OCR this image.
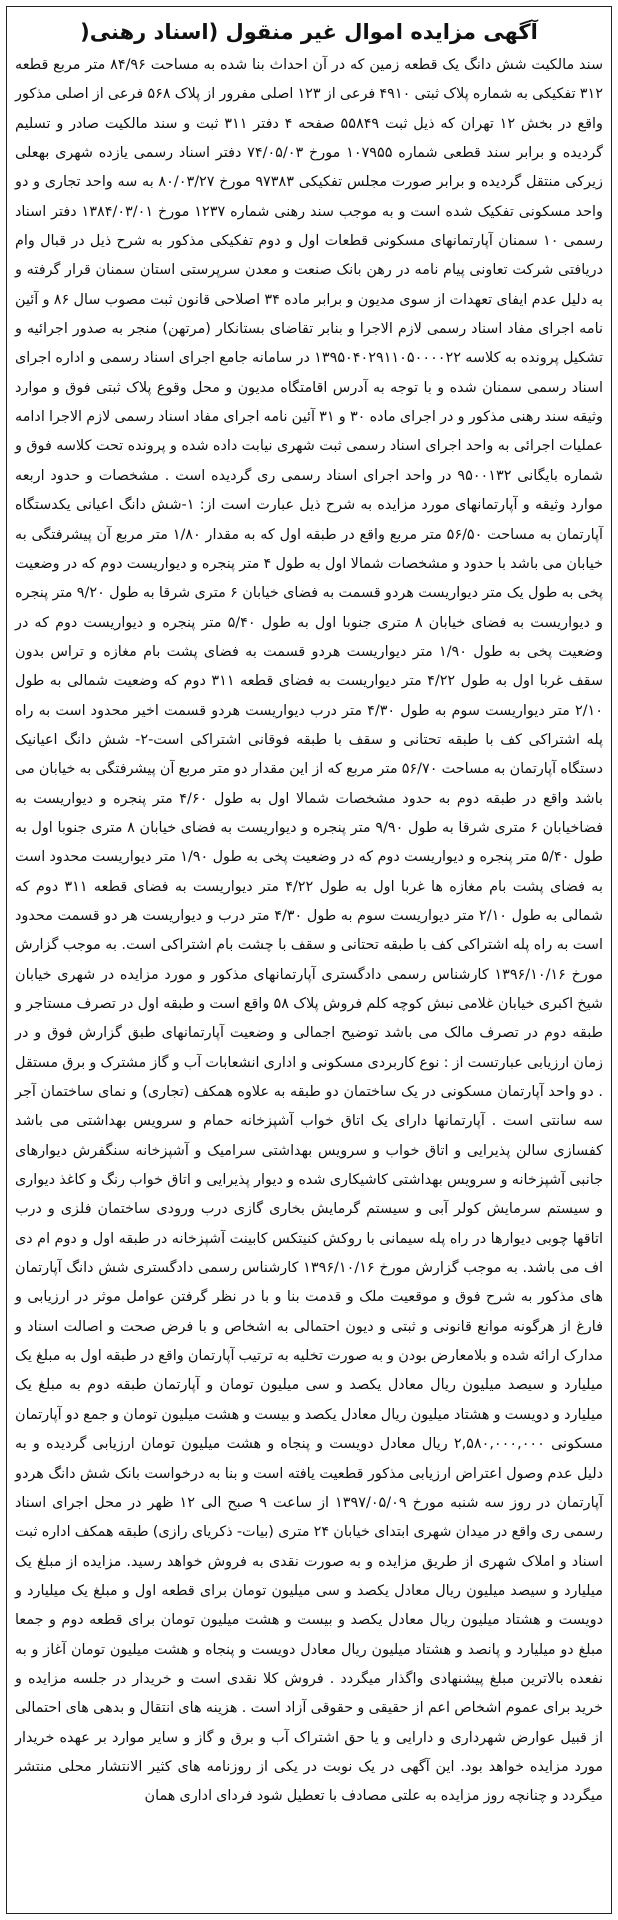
آگهی مزایده اموال غیر منقول (اسناد رهنی(

سند مالکیت شش دانگ یک قطعه زمین که در آن احداث بنا شده به مساحت ۸۴/۹۶ متر مربع قطعه ۳۱۲ تفکیکی به شماره پلاک ثبتی ۴۹۱۰ فرعی از ۱۲۳ اصلی مفرور از پلاک ۵۶۸ فرعی از اصلی مذکور واقع در بخش ۱۲ تهران که ذیل ثبت ۵۵۸۴۹ صفحه ۴ دفتر ۳۱۱ ثبت و سند مالکیت صادر و تسلیم گردیده و برابر سند قطعی شماره ۱۰۷۹۵۵ مورخ ۷۴/۰۵/۰۳ دفتر اسناد رسمی یازده شهری بهعلی زیرکی منتقل گردیده و برابر صورت مجلس تفکیکی ۹۷۳۸۳ مورخ ۸۰/۰۳/۲۷ به سه واحد تجاری و دو واحد مسکونی تفکیک شده است و به موجب سند رهنی شماره ۱۲۳۷ مورخ ۱۳۸۴/۰۳/۰۱ دفتر اسناد رسمی ۱۰ سمنان آپارتمانهای مسکونی قطعات اول و دوم تفکیکی مذکور به شرح ذیل در قبال وام دریافتی شرکت تعاونی پیام نامه در رهن بانک صنعت و معدن سرپرستی استان سمنان قرار گرفته و به دلیل عدم ایفای تعهدات از سوی مدیون و برابر ماده ۳۴ اصلاحی قانون ثبت مصوب سال ۸۶ و آئین نامه اجرای مفاد اسناد رسمی لازم الاجرا و بنابر تقاضای بستانکار (مرتهن) منجر به صدور اجرائیه و تشکیل پرونده به کلاسه ۱۳۹۵۰۴۰۲۹۱۱۰۵۰۰۰۰۲۲ در سامانه جامع اجرای اسناد رسمی و اداره اجرای اسناد رسمی سمنان شده و با توجه به آدرس اقامتگاه مدیون و محل وقوع پلاک ثبتی فوق و موارد وثیقه سند رهنی مذکور و در اجرای ماده ۳۰ و ۳۱ آئین نامه اجرای مفاد اسناد رسمی لازم الاجرا ادامه عملیات اجرائی به واحد اجرای اسناد رسمی ثبت شهری نیابت داده شده و پرونده تحت کلاسه فوق و شماره بایگانی ۹۵۰۰۱۳۲ در واحد اجرای اسناد رسمی ری گردیده است . مشخصات و حدود اربعه موارد وثیقه و آپارتمانهای مورد مزایده به شرح ذیل عبارت است از: ۱-شش دانگ اعیانی یکدستگاه آپارتمان به مساحت ۵۶/۵۰ متر مربع واقع در طبقه اول که به مقدار ۱/۸۰ متر مربع آن پیشرفتگی به خیابان می باشد با حدود و مشخصات شمالا اول به طول ۴ متر پنجره و دیواریست دوم که در وضعیت پخی به طول یک متر دیواریست هردو قسمت به فضای خیابان ۶ متری شرقا به طول ۹/۲۰ متر پنجره و دیواریست به فضای خیابان ۸ متری جنوبا اول به طول ۵/۴۰ متر پنجره و دیواریست دوم که در وضعیت پخی به طول ۱/۹۰ متر دیواریست هردو قسمت به فضای پشت بام مغازه و تراس بدون سقف غربا اول به طول ۴/۲۲ متر دیواریست به فضای قطعه ۳۱۱ دوم که وضعیت شمالی به طول ۲/۱۰ متر دیواریست سوم به طول ۴/۳۰ متر درب دیواریست هردو قسمت اخیر محدود است به راه پله اشتراکی کف با طبقه تحتانی و سقف با طبقه فوقانی اشتراکی است-۲- شش دانگ اعیانیک دستگاه آپارتمان به مساحت ۵۶/۷۰ متر مربع که از این مقدار دو متر مربع آن پیشرفتگی به خیابان می باشد واقع در طبقه دوم به حدود مشخصات شمالا اول به طول ۴/۶۰ متر پنجره و دیواریست به فضاخیابان ۶ متری شرقا به طول ۹/۹۰ متر پنجره و دیواریست به فضای خیابان ۸ متری جنوبا اول به طول ۵/۴۰ متر پنجره و دیواریست دوم که در وضعیت پخی به طول ۱/۹۰ متر دیواریست محدود است به فضای پشت بام مغازه ها غربا اول به طول ۴/۲۲ متر دیواریست به فضای قطعه ۳۱۱ دوم که شمالی به طول ۲/۱۰ متر دیواریست سوم به طول ۴/۳۰ متر درب و دیواریست هر دو قسمت محدود است به راه پله اشتراکی کف با طبقه تحتانی و سقف با چشت بام اشتراکی است. به موجب گزارش مورخ ۱۳۹۶/۱۰/۱۶ کارشناس رسمی دادگستری آپارتمانهای مذکور و مورد مزایده در شهری خیابان شیخ اکبری خیابان غلامی نبش کوچه کلم فروش پلاک ۵۸ واقع است و طبقه اول در تصرف مستاجر و طبقه دوم در تصرف مالک می باشد توضیح اجمالی و وضعیت آپارتمانهای طبق گزارش فوق و در زمان ارزیابی عبارتست از : نوع کاربردی مسکونی و اداری انشعابات آب و گاز مشترک و برق مستقل . دو واحد آپارتمان مسکونی در یک ساختمان دو طبقه به علاوه همکف (تجاری) و نمای ساختمان آجر سه سانتی است . آپارتمانها دارای یک اتاق خواب آشپزخانه حمام و سرویس بهداشتی می باشد کفسازی سالن پذیرایی و اتاق خواب و سرویس بهداشتی سرامیک و آشپزخانه سنگفرش دیوارهای جانبی آشپزخانه و سرویس بهداشتی کاشیکاری شده و دیوار پذیرایی و اتاق خواب رنگ و کاغذ دیواری و سیستم سرمایش کولر آبی و سیستم گرمایش بخاری گازی درب ورودی ساختمان فلزی و درب اتاقها چوبی دیوارها در راه پله سیمانی با روکش کنیتکس کابینت آشپزخانه در طبقه اول و دوم ام دی اف می باشد. به موجب گزارش مورخ ۱۳۹۶/۱۰/۱۶ کارشناس رسمی دادگستری شش دانگ آپارتمان های مذکور به شرح فوق و موقعیت ملک و قدمت بنا و با در نظر گرفتن عوامل موثر در ارزیابی و فارغ از هرگونه موانع قانونی و ثبتی و دیون احتمالی به اشخاص و با فرض صحت و اصالت اسناد و مدارک ارائه شده و بلامعارض بودن و به صورت تخلیه به ترتیب آپارتمان واقع در طبقه اول به مبلغ یک میلیارد و سیصد میلیون ریال معادل یکصد و سی میلیون تومان و آپارتمان طبقه دوم به مبلغ یک میلیارد و دویست و هشتاد میلیون ریال معادل یکصد و بیست و هشت میلیون تومان و جمع دو آپارتمان مسکونی ۲,۵۸۰,۰۰۰,۰۰۰ ریال معادل دویست و پنجاه و هشت میلیون تومان ارزیابی گردیده و به دلیل عدم وصول اعتراض ارزیابی مذکور قطعیت یافته است و بنا به درخواست بانک شش دانگ هردو آپارتمان در روز سه شنبه مورخ ۱۳۹۷/۰۵/۰۹ از ساعت ۹ صبح الی ۱۲ ظهر در محل اجرای اسناد رسمی ری واقع در میدان شهری ابتدای خیابان ۲۴ متری (بیات- ذکریای رازی) طبقه همکف اداره ثبت اسناد و املاک شهری از طریق مزایده و به صورت نقدی به فروش خواهد رسید. مزایده از مبلغ یک میلیارد و سیصد میلیون ریال معادل یکصد و سی میلیون تومان برای قطعه اول و مبلغ یک میلیارد و دویست و هشتاد میلیون ریال معادل یکصد و بیست و هشت میلیون تومان برای قطعه دوم و جمعا مبلغ دو میلیارد و پانصد و هشتاد میلیون ریال معادل دویست و پنجاه و هشت میلیون تومان آغاز و به نفعده بالاترین مبلغ پیشنهادی واگذار میگردد . فروش کلا نقدی است و خریدار در جلسه مزایده و خرید برای عموم اشخاص اعم از حقیقی و حقوقی آزاد است . هزینه های انتقال و بدهی های احتمالی از قبیل عوارض شهرداری و دارایی و یا حق اشتراک آب و برق و گاز و سایر موارد بر عهده خریدار مورد مزایده خواهد بود. این آگهی در یک نوبت در یکی از روزنامه های کثیر الانتشار محلی منتشر میگردد و چنانچه روز مزایده به علتی مصادف با تعطیل شود فردای اداری همان
